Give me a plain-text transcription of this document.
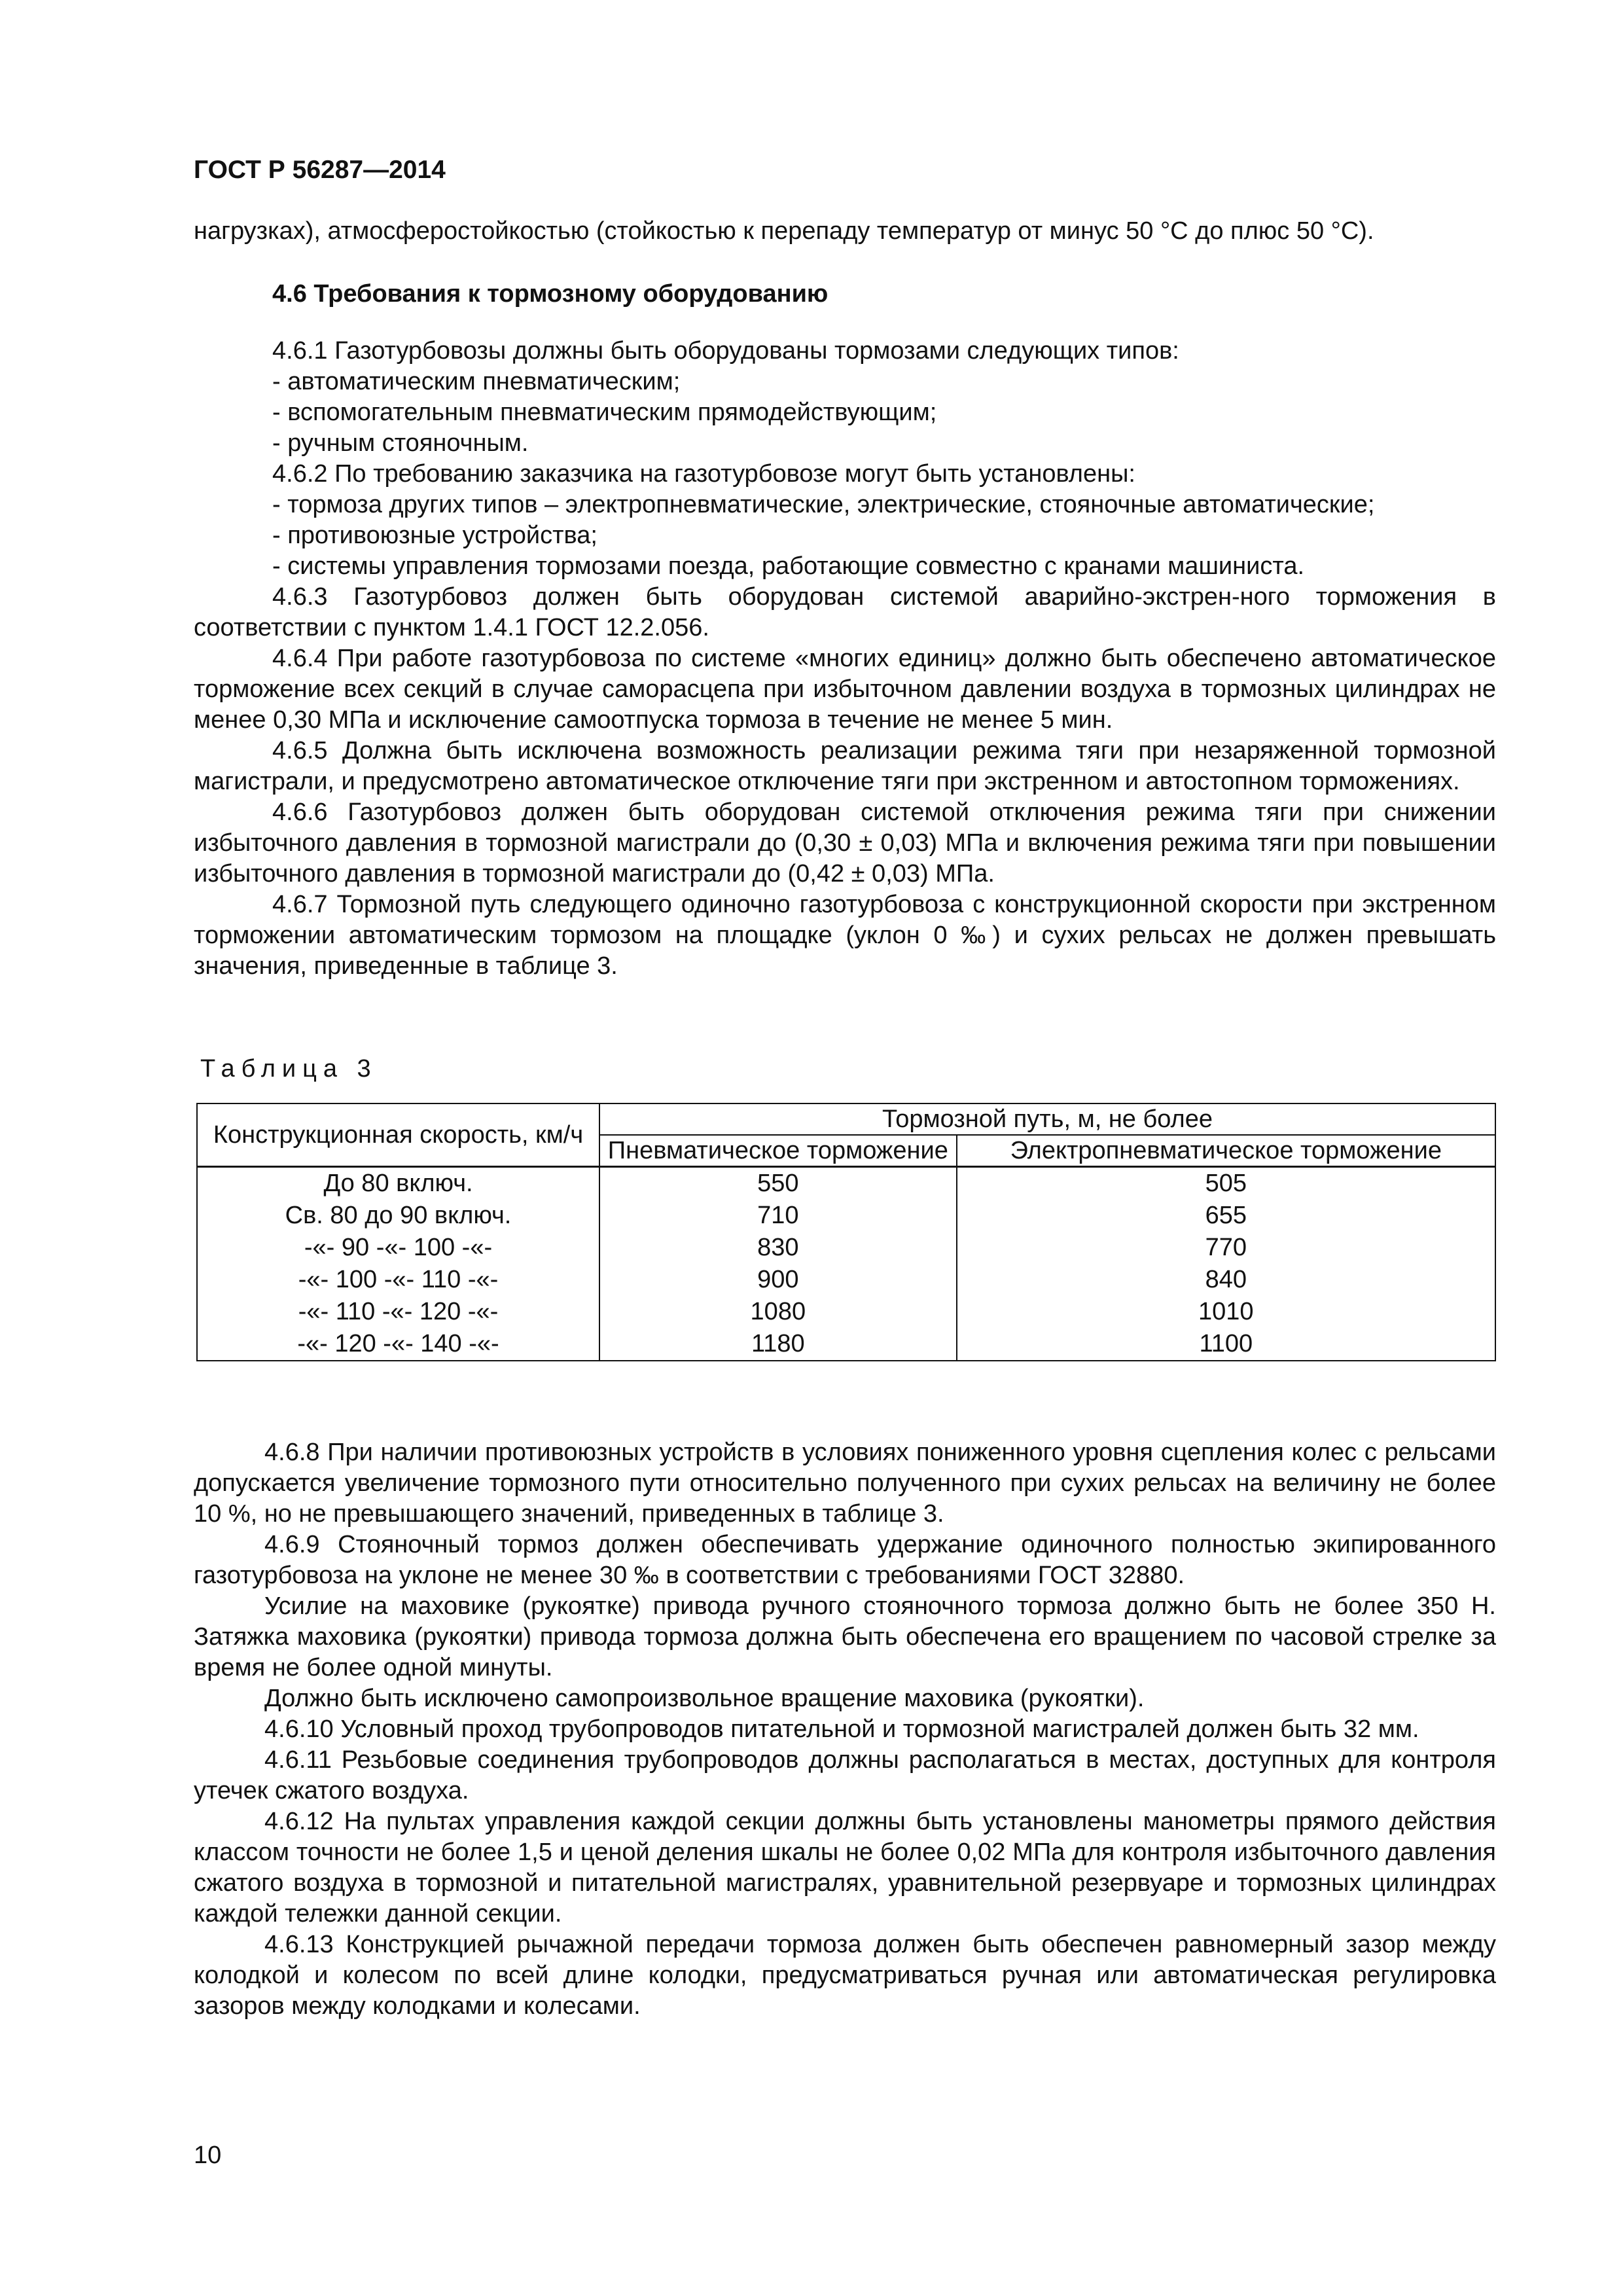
ГОСТ Р 56287—2014

нагрузках), атмосферостойкостью (стойкостью к перепаду температур от минус 50 °С до плюс 50 °С).

4.6 Требования к тормозному оборудованию

4.6.1 Газотурбовозы должны быть оборудованы тормозами следующих типов:

- автоматическим пневматическим;

- вспомогательным пневматическим прямодействующим;

- ручным стояночным.

4.6.2 По требованию заказчика на газотурбовозе могут быть установлены:

- тормоза других типов – электропневматические, электрические, стояночные автоматические;

- противоюзные устройства;

- системы управления тормозами поезда, работающие совместно с кранами машиниста.

4.6.3 Газотурбовоз должен быть оборудован системой аварийно-экстрен-ного торможения в соответствии с пунктом 1.4.1 ГОСТ 12.2.056.

4.6.4 При работе газотурбовоза по системе «многих единиц» должно быть обеспечено автоматическое торможение всех секций в случае саморасцепа при избыточном давлении воздуха в тормозных цилиндрах не менее 0,30 МПа и исключение самоотпуска тормоза в течение не менее 5 мин.

4.6.5 Должна быть исключена возможность реализации режима тяги при незаряженной тормозной магистрали, и предусмотрено автоматическое отключение тяги при экстренном и автостопном торможениях.

4.6.6 Газотурбовоз должен быть оборудован системой отключения режима тяги при снижении избыточного давления в тормозной магистрали до (0,30 ± 0,03) МПа и включения режима тяги при повышении избыточного давления в тормозной магистрали до (0,42 ± 0,03) МПа.

4.6.7 Тормозной путь следующего одиночно газотурбовоза с конструкционной скорости при экстренном торможении автоматическим тормозом на площадке (уклон 0 ‰) и сухих рельсах не должен превышать значения, приведенные в таблице 3.

Таблица 3
Конструкционная скорость, км/ч	Тормозной путь, м, не более	
	Пневматическое торможение	Электропневматическое торможение
До 80 включ.	550	505
Св. 80 до 90 включ.	710	655
-«- 90 -«- 100 -«-	830	770
-«- 100 -«- 110 -«-	900	840
-«- 110 -«- 120 -«-	1080	1010
-«- 120 -«- 140 -«-	1180	1100

4.6.8 При наличии противоюзных устройств в условиях пониженного уровня сцепления колес с рельсами допускается увеличение тормозного пути относительно полученного при сухих рельсах на величину не более 10 %, но не превышающего значений, приведенных в таблице 3.

4.6.9 Стояночный тормоз должен обеспечивать удержание одиночного полностью экипированного газотурбовоза на уклоне не менее 30 ‰ в соответствии с требованиями ГОСТ 32880.

Усилие на маховике (рукоятке) привода ручного стояночного тормоза должно быть не более 350 Н. Затяжка маховика (рукоятки) привода тормоза должна быть обеспечена его вращением по часовой стрелке за время не более одной минуты.

Должно быть исключено самопроизвольное вращение маховика (рукоятки).

4.6.10 Условный проход трубопроводов питательной и тормозной магистралей должен быть 32 мм.

4.6.11 Резьбовые соединения трубопроводов должны располагаться в местах, доступных для контроля утечек сжатого воздуха.

4.6.12 На пультах управления каждой секции должны быть установлены манометры прямого действия классом точности не более 1,5 и ценой деления шкалы не более 0,02 МПа для контроля избыточного давления сжатого воздуха в тормозной и питательной магистралях, уравнительной резервуаре и тормозных цилиндрах каждой тележки данной секции.

4.6.13 Конструкцией рычажной передачи тормоза должен быть обеспечен равномерный зазор между колодкой и колесом по всей длине колодки, предусматриваться ручная или автоматическая регулировка зазоров между колодками и колесами.

10
